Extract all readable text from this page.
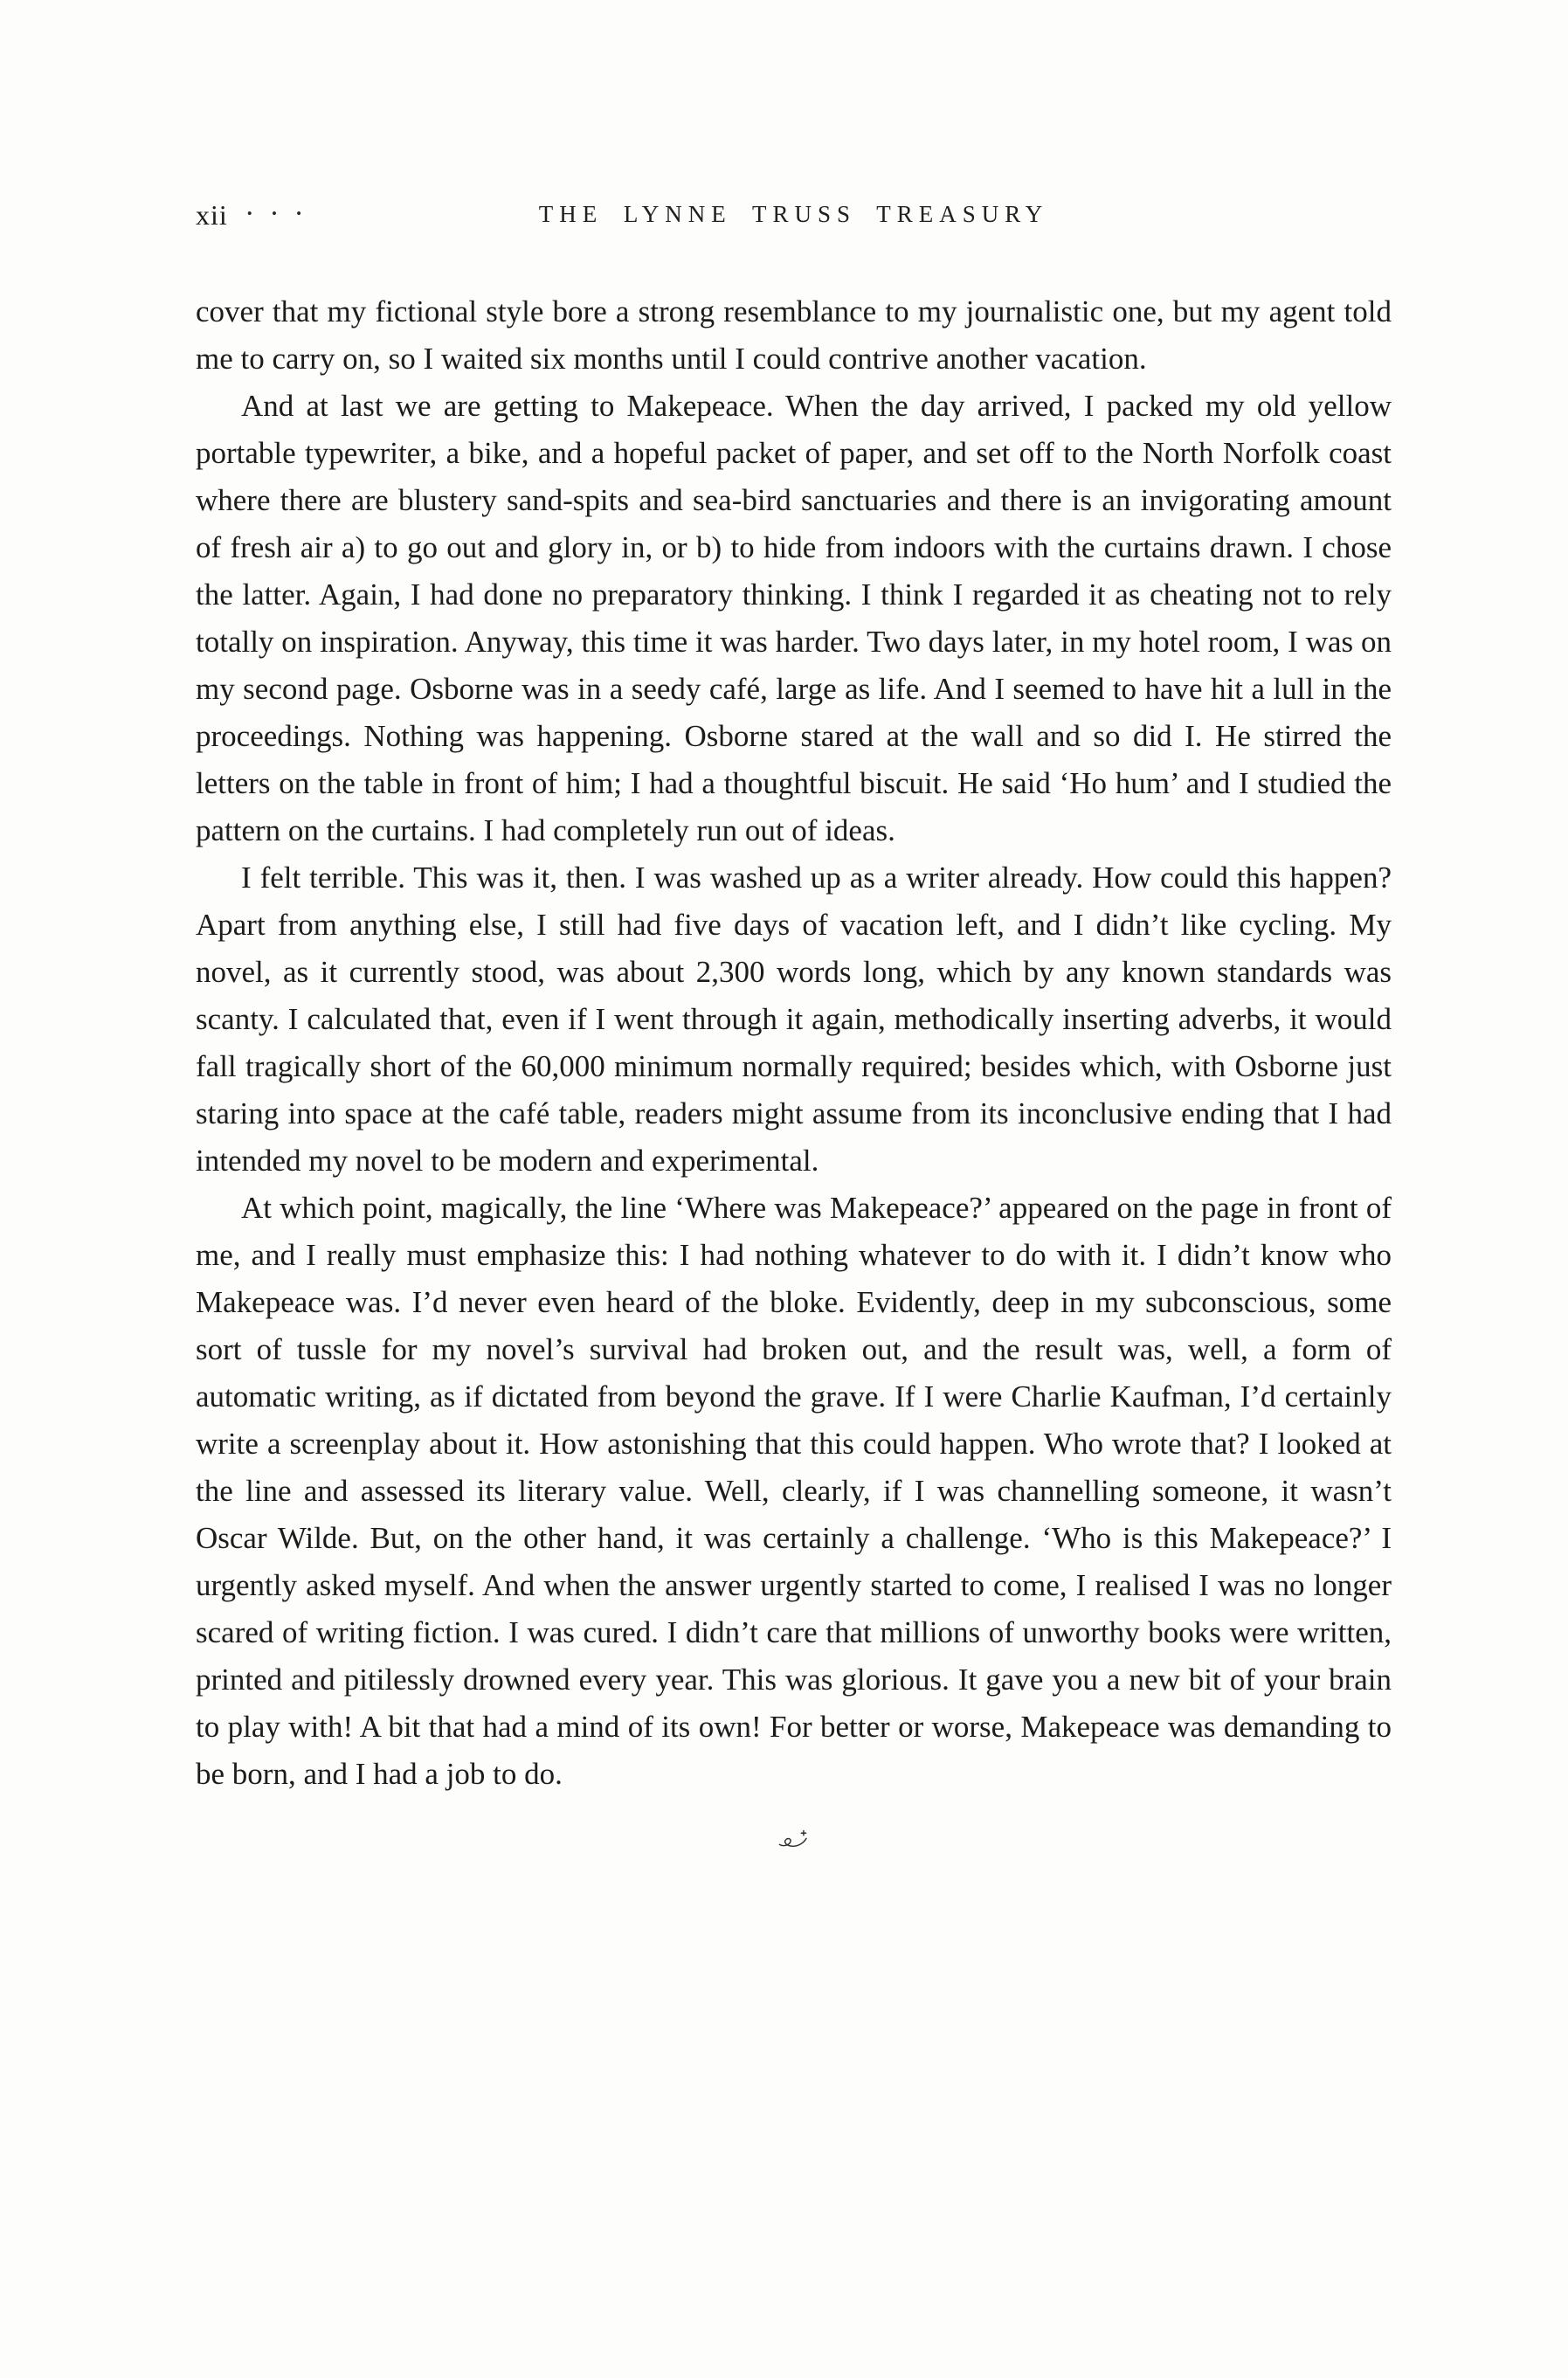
xii • • •	THE LYNNE TRUSS TREASURY

cover that my fictional style bore a strong resemblance to my journalistic one, but my agent told me to carry on, so I waited six months until I could contrive another vacation.

And at last we are getting to Makepeace. When the day arrived, I packed my old yellow portable typewriter, a bike, and a hopeful packet of paper, and set off to the North Norfolk coast where there are blustery sand-spits and sea-bird sanctuaries and there is an invigorating amount of fresh air a) to go out and glory in, or b) to hide from indoors with the curtains drawn. I chose the latter. Again, I had done no preparatory thinking. I think I regarded it as cheating not to rely totally on inspiration. Anyway, this time it was harder. Two days later, in my hotel room, I was on my second page. Osborne was in a seedy café, large as life. And I seemed to have hit a lull in the proceedings. Nothing was happening. Osborne stared at the wall and so did I. He stirred the letters on the table in front of him; I had a thoughtful biscuit. He said ‘Ho hum’ and I studied the pattern on the curtains. I had completely run out of ideas.

I felt terrible. This was it, then. I was washed up as a writer already. How could this happen? Apart from anything else, I still had five days of vacation left, and I didn’t like cycling. My novel, as it currently stood, was about 2,300 words long, which by any known standards was scanty. I calculated that, even if I went through it again, methodically inserting adverbs, it would fall tragically short of the 60,000 minimum normally required; besides which, with Osborne just staring into space at the café table, readers might assume from its inconclusive ending that I had intended my novel to be modern and experimental.

At which point, magically, the line ‘Where was Makepeace?’ appeared on the page in front of me, and I really must emphasize this: I had nothing whatever to do with it. I didn’t know who Makepeace was. I’d never even heard of the bloke. Evidently, deep in my subconscious, some sort of tussle for my novel’s survival had broken out, and the result was, well, a form of automatic writing, as if dictated from beyond the grave. If I were Charlie Kaufman, I’d certainly write a screenplay about it. How astonishing that this could happen. Who wrote that? I looked at the line and assessed its literary value. Well, clearly, if I was channelling someone, it wasn’t Oscar Wilde. But, on the other hand, it was certainly a challenge. ‘Who is this Makepeace?’ I urgently asked myself. And when the answer urgently started to come, I realised I was no longer scared of writing fiction. I was cured. I didn’t care that millions of unworthy books were written, printed and pitilessly drowned every year. This was glorious. It gave you a new bit of your brain to play with! A bit that had a mind of its own! For better or worse, Makepeace was demanding to be born, and I had a job to do.
